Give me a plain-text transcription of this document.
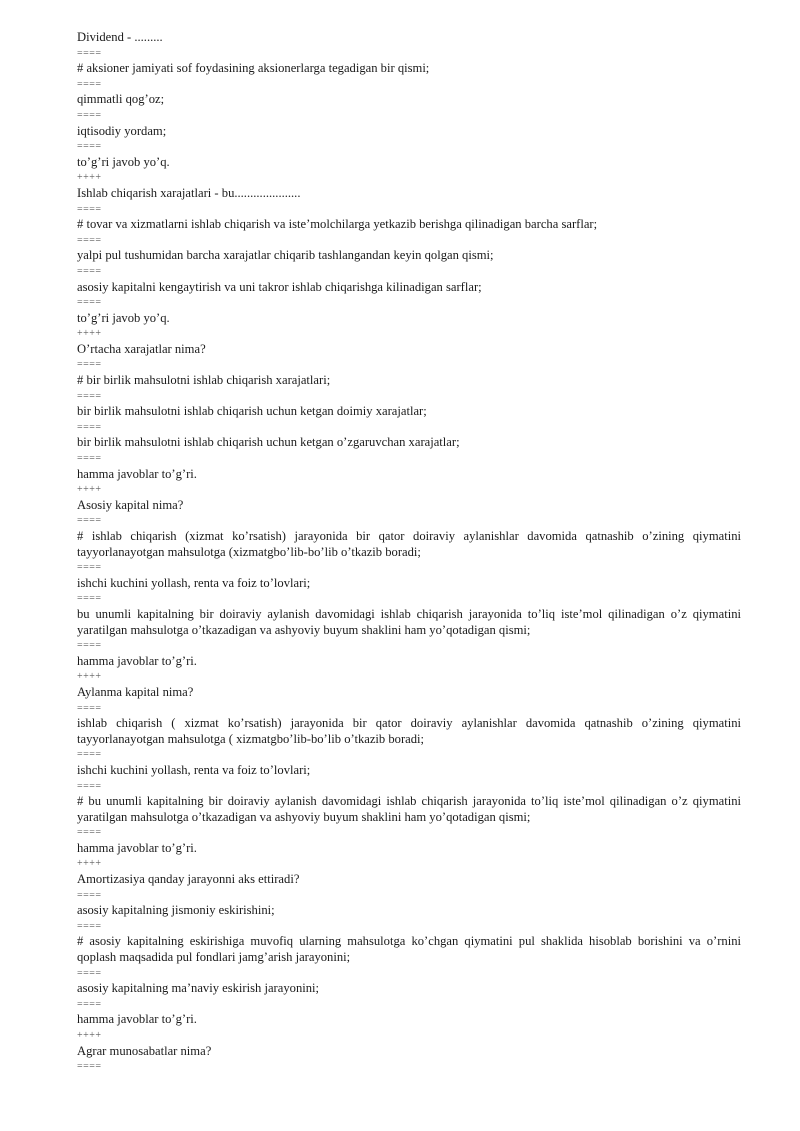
Dividend - .........
====
# aksioner jamiyati sof foydasining aksionerlarga tegadigan bir qismi;
====
qimmatli qog’oz;
====
iqtisodiy yordam;
====
to’g’ri javob yo’q.
++++
Ishlab chiqarish xarajatlari - bu.....................
====
# tovar va xizmatlarni ishlab chiqarish va iste’molchilarga yetkazib berishga qilinadigan barcha sarflar;
====
yalpi pul tushumidan barcha xarajatlar chiqarib tashlangandan keyin qolgan qismi;
====
asosiy kapitalni kengaytirish va uni takror ishlab chiqarishga kilinadigan sarflar;
====
to’g’ri javob yo’q.
++++
O’rtacha xarajatlar nima?
====
# bir birlik mahsulotni ishlab chiqarish xarajatlari;
====
bir birlik mahsulotni ishlab chiqarish uchun ketgan doimiy xarajatlar;
====
bir birlik mahsulotni ishlab chiqarish uchun ketgan o’zgaruvchan xarajatlar;
====
hamma javoblar to’g’ri.
++++
Asosiy kapital nima?
====
# ishlab chiqarish (xizmat ko’rsatish) jarayonida bir qator doiraviy aylanishlar davomida qatnashib o’zining qiymatini tayyorlanayotgan mahsulotga (xizmatgbo’lib-bo’lib o’tkazib boradi;
====
ishchi kuchini yollash, renta va foiz to’lovlari;
====
bu unumli kapitalning bir doiraviy aylanish davomidagi ishlab chiqarish jarayonida to’liq iste’mol qilinadigan o’z qiymatini yaratilgan mahsulotga o’tkazadigan va ashyoviy buyum shaklini ham yo’qotadigan qismi;
====
hamma javoblar to’g’ri.
++++
Aylanma kapital nima?
====
ishlab chiqarish ( xizmat ko’rsatish) jarayonida bir qator doiraviy aylanishlar davomida qatnashib o’zining qiymatini tayyorlanayotgan mahsulotga ( xizmatgbo’lib-bo’lib o’tkazib boradi;
====
ishchi kuchini yollash, renta va foiz to’lovlari;
====
# bu unumli kapitalning bir doiraviy aylanish davomidagi ishlab chiqarish jarayonida to’liq iste’mol qilinadigan o’z qiymatini yaratilgan mahsulotga o’tkazadigan va ashyoviy buyum shaklini ham yo’qotadigan qismi;
====
hamma javoblar to’g’ri.
++++
Amortizasiya qanday jarayonni aks ettiradi?
====
asosiy kapitalning jismoniy eskirishini;
====
# asosiy kapitalning eskirishiga muvofiq ularning mahsulotga ko’chgan qiymatini pul shaklida hisoblab borishini va o’rnini qoplash maqsadida pul fondlari jamg’arish jarayonini;
====
asosiy kapitalning ma’naviy eskirish jarayonini;
====
hamma javoblar to’g’ri.
++++
Agrar munosabatlar nima?
====
